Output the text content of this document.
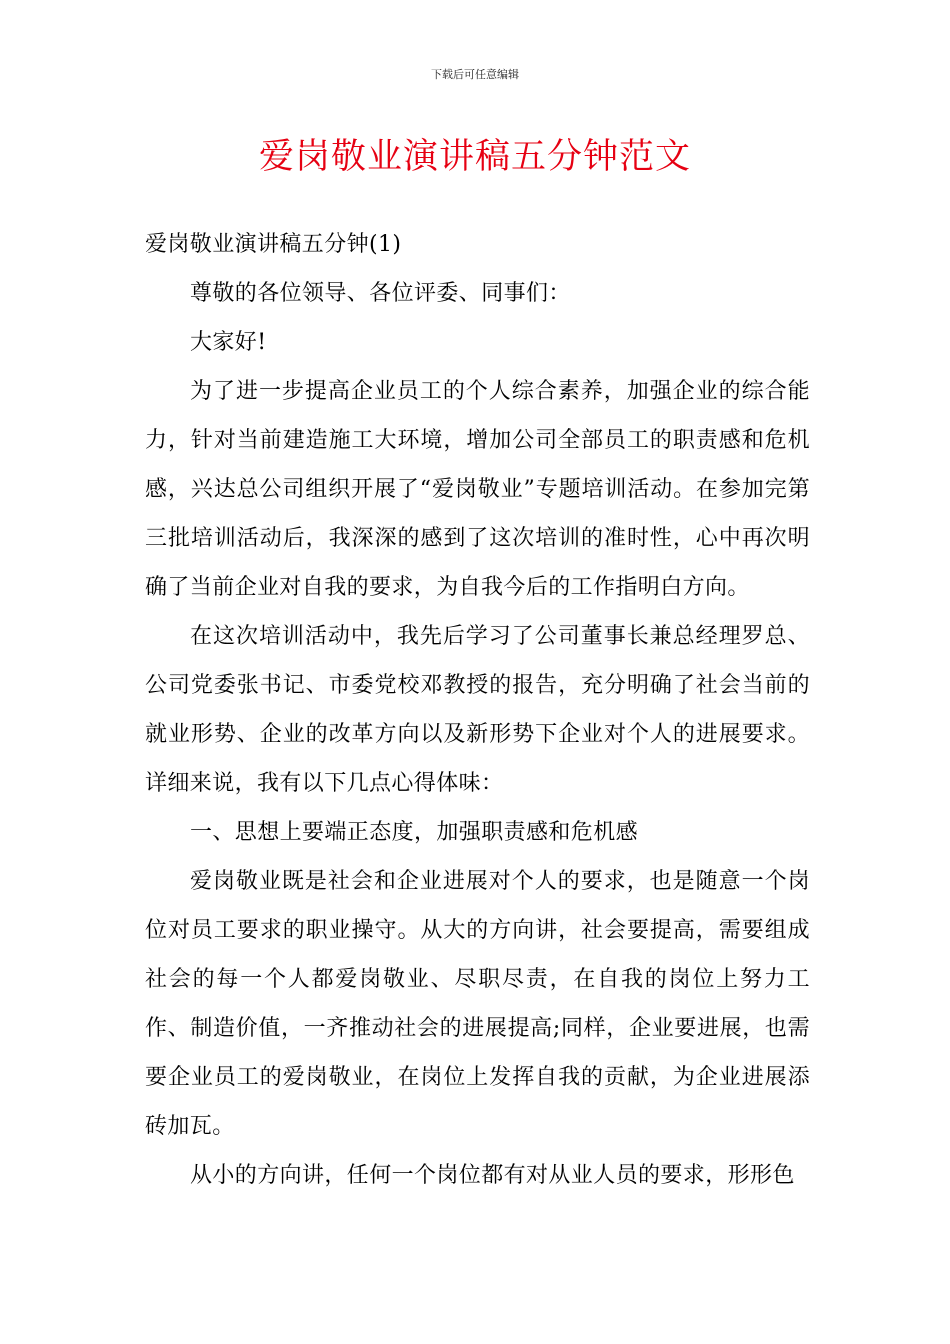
下载后可任意编辑
爱岗敬业演讲稿五分钟范文

爱岗敬业演讲稿五分钟(1)

尊敬的各位领导、各位评委、同事们：

大家好!

为了进一步提高企业员工的个人综合素养，加强企业的综合能力，针对当前建造施工大环境，增加公司全部员工的职责感和危机感，兴达总公司组织开展了“爱岗敬业”专题培训活动。在参加完第三批培训活动后，我深深的感到了这次培训的准时性，心中再次明确了当前企业对自我的要求，为自我今后的工作指明白方向。

在这次培训活动中，我先后学习了公司董事长兼总经理罗总、公司党委张书记、市委党校邓教授的报告，充分明确了社会当前的就业形势、企业的改革方向以及新形势下企业对个人的进展要求。详细来说，我有以下几点心得体味：

一、思想上要端正态度，加强职责感和危机感

爱岗敬业既是社会和企业进展对个人的要求，也是随意一个岗位对员工要求的职业操守。从大的方向讲，社会要提高，需要组成社会的每一个人都爱岗敬业、尽职尽责，在自我的岗位上努力工作、制造价值，一齐推动社会的进展提高;同样，企业要进展，也需要企业员工的爱岗敬业，在岗位上发挥自我的贡献，为企业进展添砖加瓦。

从小的方向讲，任何一个岗位都有对从业人员的要求，形形色
